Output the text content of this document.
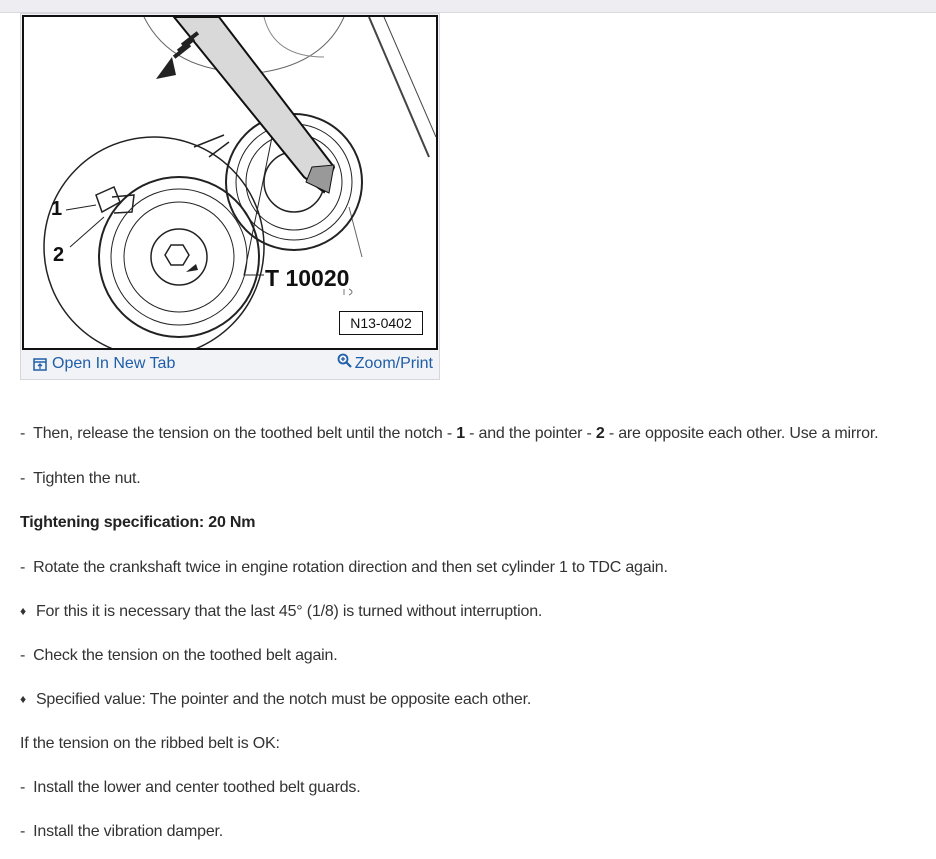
1
2
T 10020
N13-0402
Open In New Tab	Zoom/Print
- Then, release the tension on the toothed belt until the notch - 1 - and the pointer - 2 - are opposite each other. Use a mirror.
- Tighten the nut.
Tightening specification: 20 Nm
- Rotate the crankshaft twice in engine rotation direction and then set cylinder 1 to TDC again.
♦ For this it is necessary that the last 45° (1/8) is turned without interruption.
- Check the tension on the toothed belt again.
♦ Specified value: The pointer and the notch must be opposite each other.
If the tension on the ribbed belt is OK:
- Install the lower and center toothed belt guards.
- Install the vibration damper.
